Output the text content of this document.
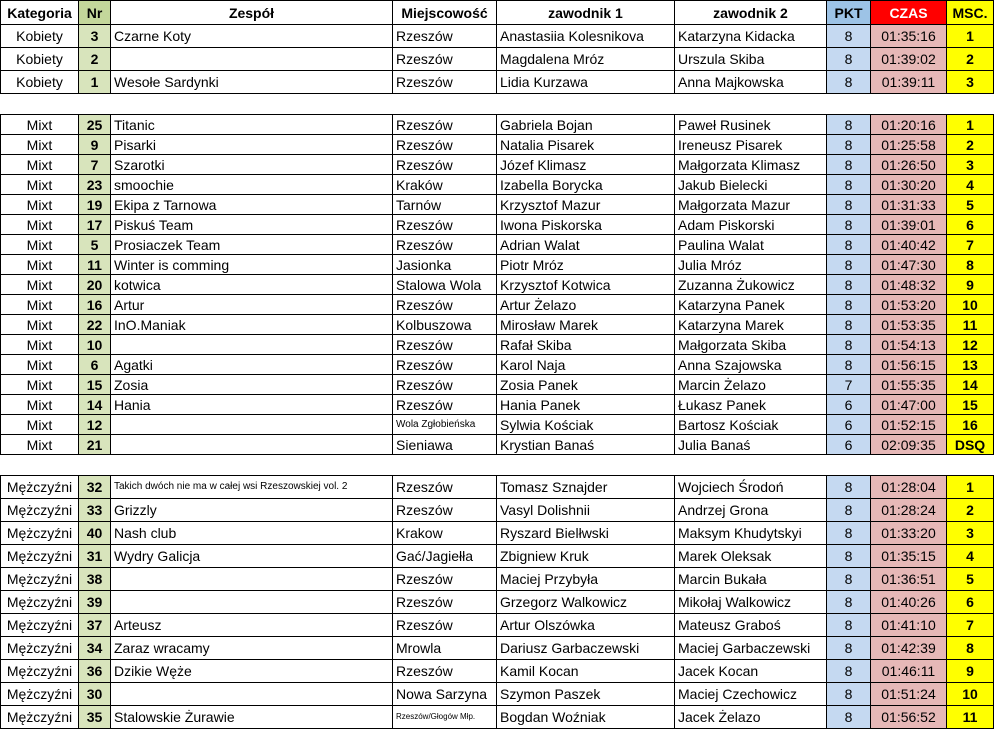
Kategoria	Nr	Zespół	Miejscowość	zawodnik 1	zawodnik 2	PKT	CZAS	MSC.
Kobiety	3	Czarne Koty	Rzeszów	Anastasiia Kolesnikova	Katarzyna Kidacka	8	01:35:16	1
Kobiety	2		Rzeszów	Magdalena Mróz	Urszula Skiba	8	01:39:02	2
Kobiety	1	Wesołe Sardynki	Rzeszów	Lidia Kurzawa	Anna Majkowska	8	01:39:11	3

Mixt	25	Titanic	Rzeszów	Gabriela Bojan	Paweł Rusinek	8	01:20:16	1
Mixt	9	Pisarki	Rzeszów	Natalia Pisarek	Ireneusz Pisarek	8	01:25:58	2
Mixt	7	Szarotki	Rzeszów	Józef Klimasz	Małgorzata Klimasz	8	01:26:50	3
Mixt	23	smoochie	Kraków	Izabella Borycka	Jakub Bielecki	8	01:30:20	4
Mixt	19	Ekipa z Tarnowa	Tarnów	Krzysztof Mazur	Małgorzata Mazur	8	01:31:33	5
Mixt	17	Piskuś Team	Rzeszów	Iwona Piskorska	Adam Piskorski	8	01:39:01	6
Mixt	5	Prosiaczek Team	Rzeszów	Adrian Walat	Paulina Walat	8	01:40:42	7
Mixt	11	Winter is comming	Jasionka	Piotr Mróz	Julia Mróz	8	01:47:30	8
Mixt	20	kotwica	Stalowa Wola	Krzysztof Kotwica	Zuzanna Żukowicz	8	01:48:32	9
Mixt	16	Artur	Rzeszów	Artur Żelazo	Katarzyna Panek	8	01:53:20	10
Mixt	22	InO.Maniak	Kolbuszowa	Mirosław Marek	Katarzyna Marek	8	01:53:35	11
Mixt	10		Rzeszów	Rafał Skiba	Małgorzata Skiba	8	01:54:13	12
Mixt	6	Agatki	Rzeszów	Karol Naja	Anna Szajowska	8	01:56:15	13
Mixt	15	Zosia	Rzeszów	Zosia Panek	Marcin Żelazo	7	01:55:35	14
Mixt	14	Hania	Rzeszów	Hania Panek	Łukasz Panek	6	01:47:00	15
Mixt	12		Wola Zgłobieńska	Sylwia Kościak	Bartosz Kościak	6	01:52:15	16
Mixt	21		Sieniawa	Krystian Banaś	Julia Banaś	6	02:09:35	DSQ

Mężczyźni	32	Takich dwóch nie ma w całej wsi Rzeszowskiej vol. 2	Rzeszów	Tomasz Sznajder	Wojciech Środoń	8	01:28:04	1
Mężczyźni	33	Grizzly	Rzeszów	Vasyl Dolishnii	Andrzej Grona	8	01:28:24	2
Mężczyźni	40	Nash club	Krakow	Ryszard Bielłwski	Maksym Khudytskyi	8	01:33:20	3
Mężczyźni	31	Wydry Galicja	Gać/Jagiełła	Zbigniew Kruk	Marek Oleksak	8	01:35:15	4
Mężczyźni	38		Rzeszów	Maciej Przybyła	Marcin Bukała	8	01:36:51	5
Mężczyźni	39		Rzeszów	Grzegorz Walkowicz	Mikołaj Walkowicz	8	01:40:26	6
Mężczyźni	37	Arteusz	Rzeszów	Artur Olszówka	Mateusz Graboś	8	01:41:10	7
Mężczyźni	34	Zaraz wracamy	Mrowla	Dariusz Garbaczewski	Maciej Garbaczewski	8	01:42:39	8
Mężczyźni	36	Dzikie Węże	Rzeszów	Kamil Kocan	Jacek Kocan	8	01:46:11	9
Mężczyźni	30		Nowa Sarzyna	Szymon Paszek	Maciej Czechowicz	8	01:51:24	10
Mężczyźni	35	Stalowskie Żurawie	Rzeszów/Głogów Młp.	Bogdan Woźniak	Jacek Żelazo	8	01:56:52	11
